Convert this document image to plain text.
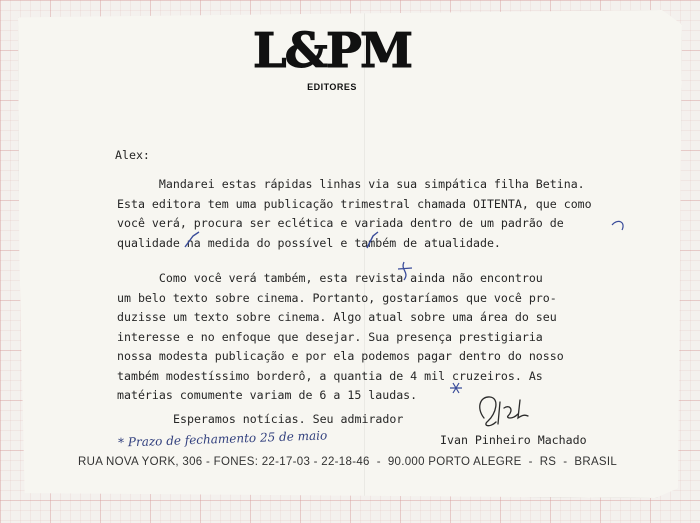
L&PM
EDITORES
Alex:
Mandarei estas rápidas linhas via sua simpática filha Betina.
Esta editora tem uma publicação trimestral chamada OITENTA, que como
você verá, procura ser eclética e variada dentro de um padrão de
qualidade na medida do possível e também de atualidade.
Como você verá também, esta revista ainda não encontrou
um belo texto sobre cinema. Portanto, gostaríamos que você pro-
duzisse um texto sobre cinema. Algo atual sobre uma área do seu
interesse e no enfoque que desejar. Sua presença prestigiaria
nossa modesta publicação e por ela podemos pagar dentro do nosso
também modestíssimo borderô, a quantia de 4 mil cruzeiros. As
matérias comumente variam de 6 a 15 laudas.
Esperamos notícias. Seu admirador
Ivan Pinheiro Machado
* Prazo de fechamento 25 de maio
RUA NOVA YORK, 306 - FONES: 22-17-03 - 22-18-46  -  90.000 PORTO ALEGRE  -  RS  -  BRASIL
